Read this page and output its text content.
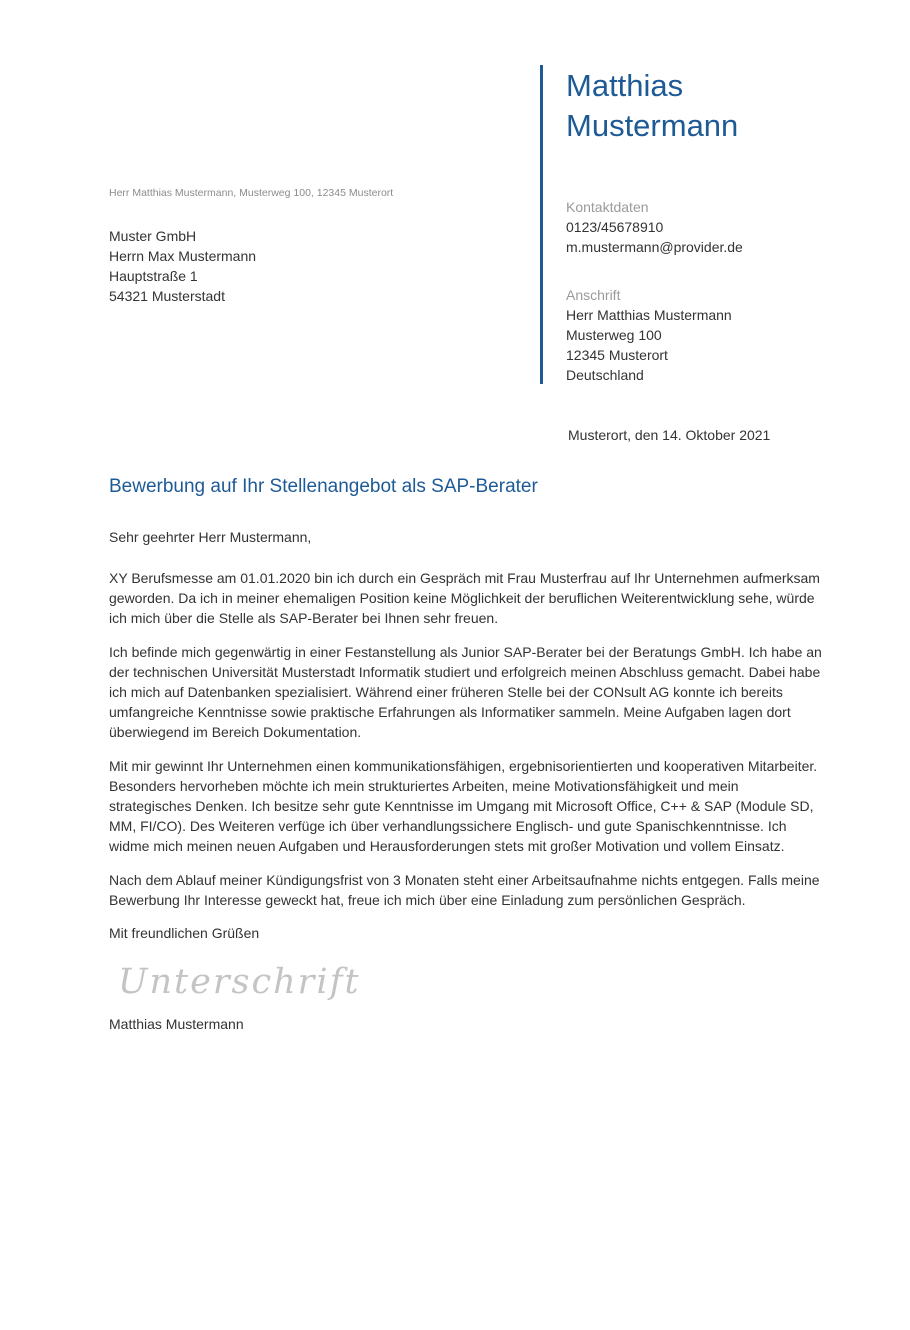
Matthias
Mustermann
Kontaktdaten
0123/45678910
m.mustermann@provider.de
Anschrift
Herr Matthias Mustermann
Musterweg 100
12345 Musterort
Deutschland
Herr Matthias Mustermann, Musterweg 100, 12345 Musterort
Muster GmbH
Herrn Max Mustermann
Hauptstraße 1
54321 Musterstadt
Musterort, den 14. Oktober 2021
Bewerbung auf Ihr Stellenangebot als SAP-Berater
Sehr geehrter Herr Mustermann,

XY Berufsmesse am 01.01.2020 bin ich durch ein Gespräch mit Frau Musterfrau auf Ihr Unternehmen aufmerksam geworden. Da ich in meiner ehemaligen Position keine Möglichkeit der beruflichen Weiterentwicklung sehe, würde ich mich über die Stelle als SAP-Berater bei Ihnen sehr freuen.

Ich befinde mich gegenwärtig in einer Festanstellung als Junior SAP-Berater bei der Beratungs GmbH. Ich habe an der technischen Universität Musterstadt Informatik studiert und erfolgreich meinen Abschluss gemacht. Dabei habe ich mich auf Datenbanken spezialisiert. Während einer früheren Stelle bei der CONsult AG konnte ich bereits umfangreiche Kenntnisse sowie praktische Erfahrungen als Informatiker sammeln. Meine Aufgaben lagen dort überwiegend im Bereich Dokumentation.

Mit mir gewinnt Ihr Unternehmen einen kommunikationsfähigen, ergebnisorientierten und kooperativen Mitarbeiter. Besonders hervorheben möchte ich mein strukturiertes Arbeiten, meine Motivationsfähigkeit und mein strategisches Denken. Ich besitze sehr gute Kenntnisse im Umgang mit Microsoft Office, C++ & SAP (Module SD, MM, FI/CO). Des Weiteren verfüge ich über verhandlungssichere Englisch- und gute Spanischkenntnisse. Ich widme mich meinen neuen Aufgaben und Herausforderungen stets mit großer Motivation und vollem Einsatz.

Nach dem Ablauf meiner Kündigungsfrist von 3 Monaten steht einer Arbeitsaufnahme nichts entgegen. Falls meine Bewerbung Ihr Interesse geweckt hat, freue ich mich über eine Einladung zum persönlichen Gespräch.

Mit freundlichen Grüßen
Unterschrift
Matthias Mustermann
